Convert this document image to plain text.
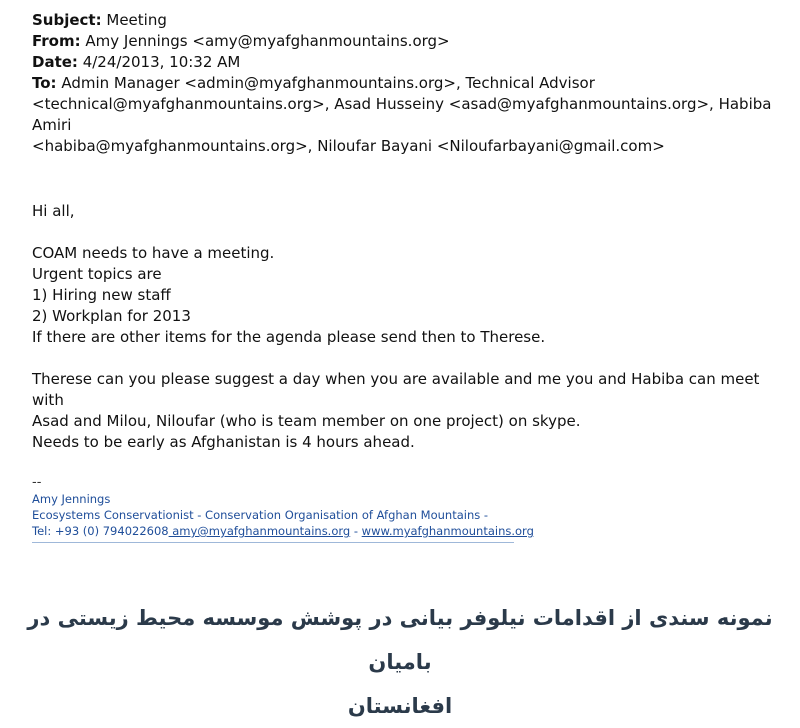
Subject: Meeting
From: Amy Jennings <amy@myafghanmountains.org>
Date: 4/24/2013, 10:32 AM
To: Admin Manager <admin@myafghanmountains.org>, Technical Advisor
<technical@myafghanmountains.org>, Asad Husseiny <asad@myafghanmountains.org>, Habiba Amiri
<habiba@myafghanmountains.org>, Niloufar Bayani <Niloufarbayani@gmail.com>
Hi all,
COAM needs to have a meeting.
Urgent topics are
1) Hiring new staff
2) Workplan for 2013
If there are other items for the agenda please send then to Therese.
Therese can you please suggest a day when you are available and me you and Habiba can meet with
Asad and Milou, Niloufar (who is team member on one project) on skype.
Needs to be early as Afghanistan is 4 hours ahead.
--
Amy Jennings
Ecosystems Conservationist - Conservation Organisation of Afghan Mountains -
Tel: +93 (0) 794022608 amy@myafghanmountains.org - www.myafghanmountains.org
نمونه سندی از اقدامات نیلوفر بیانی در پوشش موسسه محیط زیستی در بامیان
افغانستان
